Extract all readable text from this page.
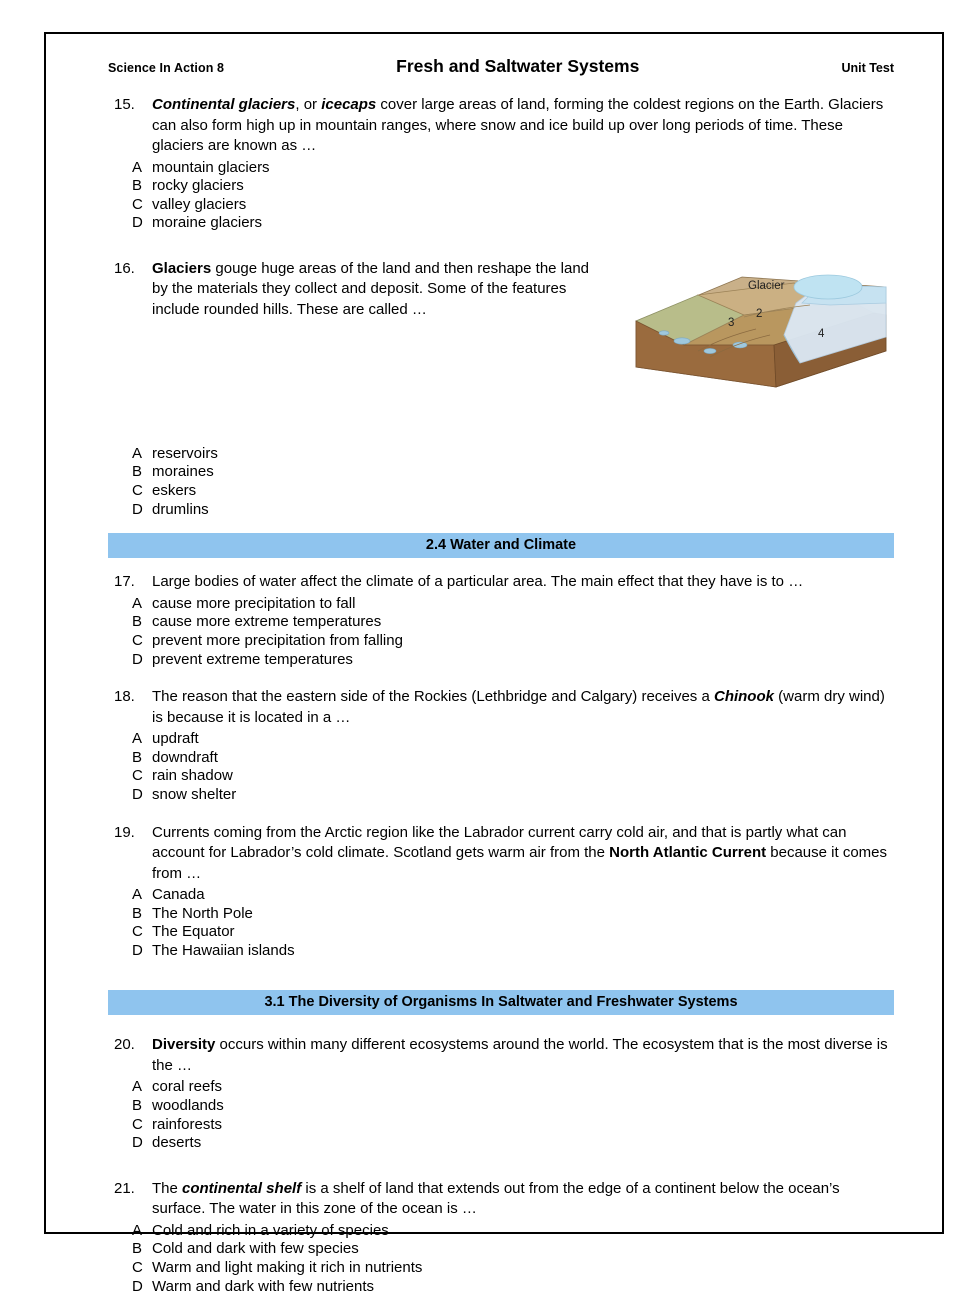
Science In Action 8	Fresh and Saltwater Systems	Unit Test
15.	Continental glaciers, or icecaps cover large areas of land, forming the coldest regions on the Earth. Glaciers can also form high up in mountain ranges, where snow and ice build up over long periods of time. These glaciers are known as …
A mountain glaciers
B rocky glaciers
C valley glaciers
D moraine glaciers
16.	Glaciers gouge huge areas of the land and then reshape the land by the materials they collect and deposit. Some of the features include rounded hills. These are called …
Glacier
3
2
4
A reservoirs
B moraines
C eskers
D drumlins
2.4 Water and Climate
17.	Large bodies of water affect the climate of a particular area. The main effect that they have is to …
A cause more precipitation to fall
B cause more extreme temperatures
C prevent more precipitation from falling
D prevent extreme temperatures
18.	The reason that the eastern side of the Rockies (Lethbridge and Calgary) receives a Chinook (warm dry wind) is because it is located in a …
A updraft
B downdraft
C rain shadow
D snow shelter
19.	Currents coming from the Arctic region like the Labrador current carry cold air, and that is partly what can account for Labrador’s cold climate. Scotland gets warm air from the North Atlantic Current because it comes from …
A Canada
B The North Pole
C The Equator
D The Hawaiian islands
3.1 The Diversity of Organisms In Saltwater and Freshwater Systems
20.	Diversity occurs within many different ecosystems around the world. The ecosystem that is the most diverse is the …
A coral reefs
B woodlands
C rainforests
D deserts
21.	The continental shelf is a shelf of land that extends out from the edge of a continent below the ocean’s surface. The water in this zone of the ocean is …
A Cold and rich in a variety of species
B Cold and dark with few species
C Warm and light making it rich in nutrients
D Warm and dark with few nutrients
